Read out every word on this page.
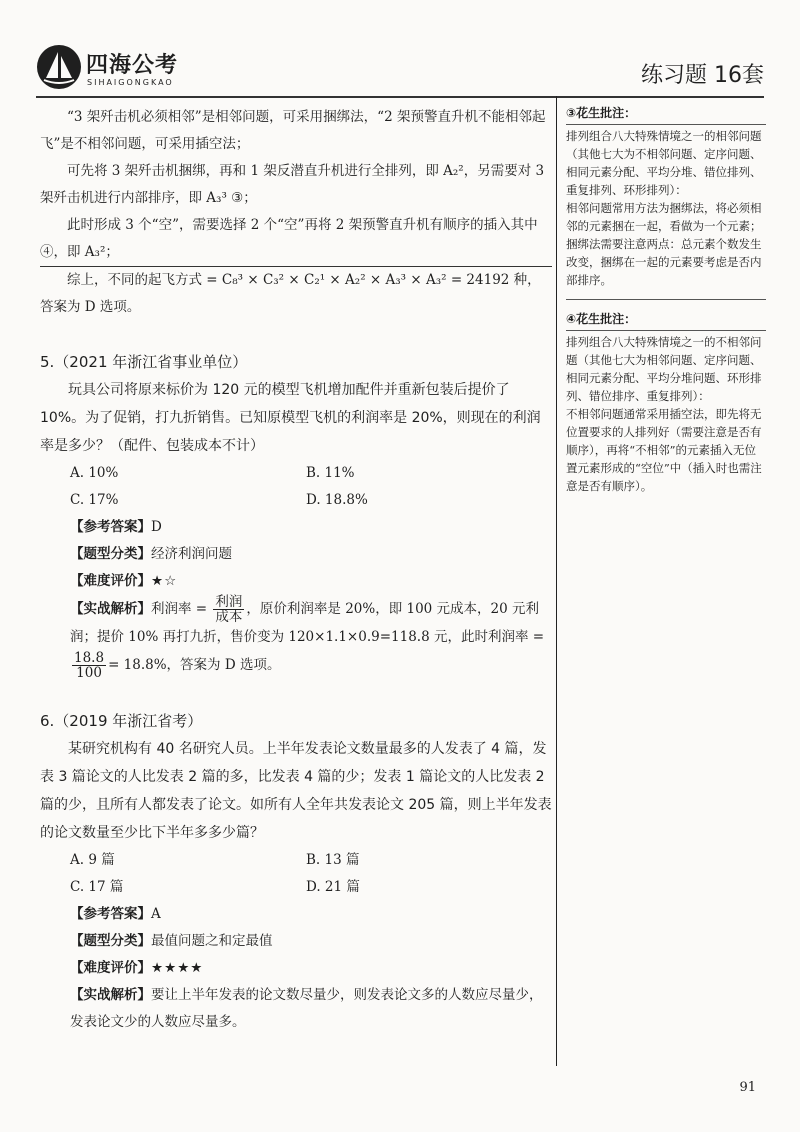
四海公考
SIHAIGONGKAO	练习题 16套

“3 架歼击机必须相邻”是相邻问题，可采用捆绑法，“2 架预警直升机不能相邻起飞”是不相邻问题，可采用插空法；

可先将 3 架歼击机捆绑，再和 1 架反潜直升机进行全排列，即 A₂²，另需要对 3 架歼击机进行内部排序，即 A₃³ ③；

此时形成 3 个“空”，需要选择 2 个“空”再将 2 架预警直升机有顺序的插入其中④，即 A₃²；

综上，不同的起飞方式 = C₈³ × C₃² × C₂¹ × A₂² × A₃³ × A₃² = 24192 种，答案为 D 选项。

5.（2021 年浙江省事业单位）

玩具公司将原来标价为 120 元的模型飞机增加配件并重新包装后提价了 10%。为了促销，打九折销售。已知原模型飞机的利润率是 20%，则现在的利润率是多少？（配件、包装成本不计）

A. 10%	B. 11%
C. 17%	D. 18.8%

【参考答案】D

【题型分类】经济利润问题

【难度评价】★☆

【实战解析】利润率 = $\frac{\text{利润}}{\text{成本}}$ ，原价利润率是 20%，即 100 元成本，20 元利润；提价 10% 再打九折，售价变为 120×1.1×0.9=118.8 元，此时利润率 =
$\frac{18.8}{100} = 18.8\%$，答案为 D 选项。

6.（2019 年浙江省考）

某研究机构有 40 名研究人员。上半年发表论文数量最多的人发表了 4 篇，发表 3 篇论文的人比发表 2 篇的多，比发表 4 篇的少；发表 1 篇论文的人比发表 2 篇的少，且所有人都发表了论文。如所有人全年共发表论文 205 篇，则上半年发表的论文数量至少比下半年多多少篇？

A. 9 篇	B. 13 篇
C. 17 篇	D. 21 篇

【参考答案】A

【题型分类】最值问题之和定最值

【难度评价】★★★★

【实战解析】要让上半年发表的论文数尽量少，则发表论文多的人数应尽量少，发表论文少的人数应尽量多。

③花生批注：

排列组合八大特殊情境之一的相邻问题（其他七大为不相邻问题、定序问题、相同元素分配、平均分堆、错位排列、重复排列、环形排列）：

相邻问题常用方法为捆绑法，将必须相邻的元素捆在一起，看做为一个元素；

捆绑法需要注意两点：总元素个数发生改变，捆绑在一起的元素要考虑是否内部排序。

④花生批注：

排列组合八大特殊情境之一的不相邻问题（其他七大为相邻问题、定序问题、相同元素分配、平均分堆问题、环形排列、错位排序、重复排列）：

不相邻问题通常采用插空法，即先将无位置要求的人排列好（需要注意是否有顺序），再将“不相邻”的元素插入无位置元素形成的“空位”中（插入时也需注意是否有顺序）。

91
